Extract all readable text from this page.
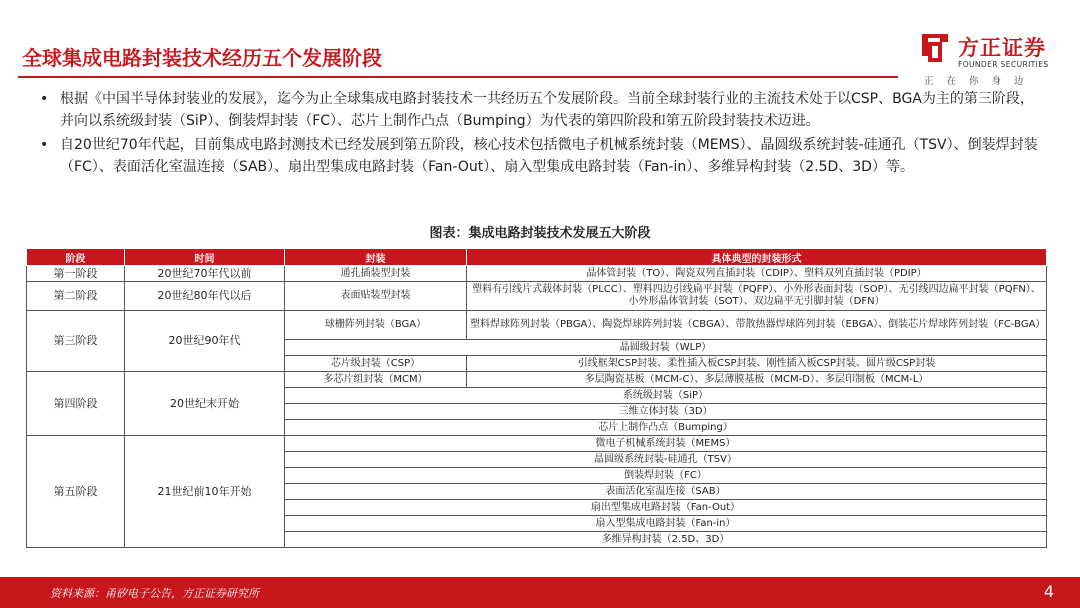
全球集成电路封装技术经历五个发展阶段	方正证券
FOUNDER SECURITIES
正在你身边
• 根据《中国半导体封装业的发展》，迄今为止全球集成电路封装技术一共经历五个发展阶段。当前全球封装行业的主流技术处于以CSP、BGA为主的第三阶段，并向以系统级封装（SiP）、倒装焊封装（FC）、芯片上制作凸点（Bumping）为代表的第四阶段和第五阶段封装技术迈进。
• 自20世纪70年代起，目前集成电路封测技术已经发展到第五阶段，核心技术包括微电子机械系统封装（MEMS）、晶圆级系统封装-硅通孔（TSV）、倒装焊封装（FC）、表面活化室温连接（SAB）、扇出型集成电路封装（Fan-Out）、扇入型集成电路封装（Fan-in）、多维异构封装（2.5D、3D）等。
图表：集成电路封装技术发展五大阶段
阶段	时间	封装	具体典型的封装形式
第一阶段	20世纪70年代以前	通孔插装型封装	晶体管封装（TO）、陶瓷双列直插封装（CDIP）、塑料双列直插封装（PDIP）
第二阶段	20世纪80年代以后	表面贴装型封装	塑料有引线片式载体封装（PLCC）、塑料四边引线扁平封装（PQFP）、小外形表面封装（SOP）、无引线四边扁平封装（PQFN）、小外形晶体管封装（SOT）、双边扁平无引脚封装（DFN）
第三阶段	20世纪90年代	球栅阵列封装（BGA）	塑料焊球阵列封装（PBGA）、陶瓷焊球阵列封装（CBGA）、带散热器焊球阵列封装（EBGA）、倒装芯片焊球阵列封装（FC-BGA）
		晶圆级封装（WLP）	
		芯片级封装（CSP）	引线框架CSP封装、柔性插入板CSP封装、刚性插入板CSP封装、圆片级CSP封装
第四阶段	20世纪末开始	多芯片组封装（MCM）	多层陶瓷基板（MCM-C）、多层薄膜基板（MCM-D）、多层印制板（MCM-L）
		系统级封装（SiP）	
		三维立体封装（3D）	
		芯片上制作凸点（Bumping）	
第五阶段	21世纪前10年开始	微电子机械系统封装（MEMS）	
		晶圆级系统封装-硅通孔（TSV）	
		倒装焊封装（FC）	
		表面活化室温连接（SAB）	
		扇出型集成电路封装（Fan-Out）	
		扇入型集成电路封装（Fan-in）	
		多维异构封装（2.5D、3D）	
资料来源：甬矽电子公告，方正证券研究所	4
